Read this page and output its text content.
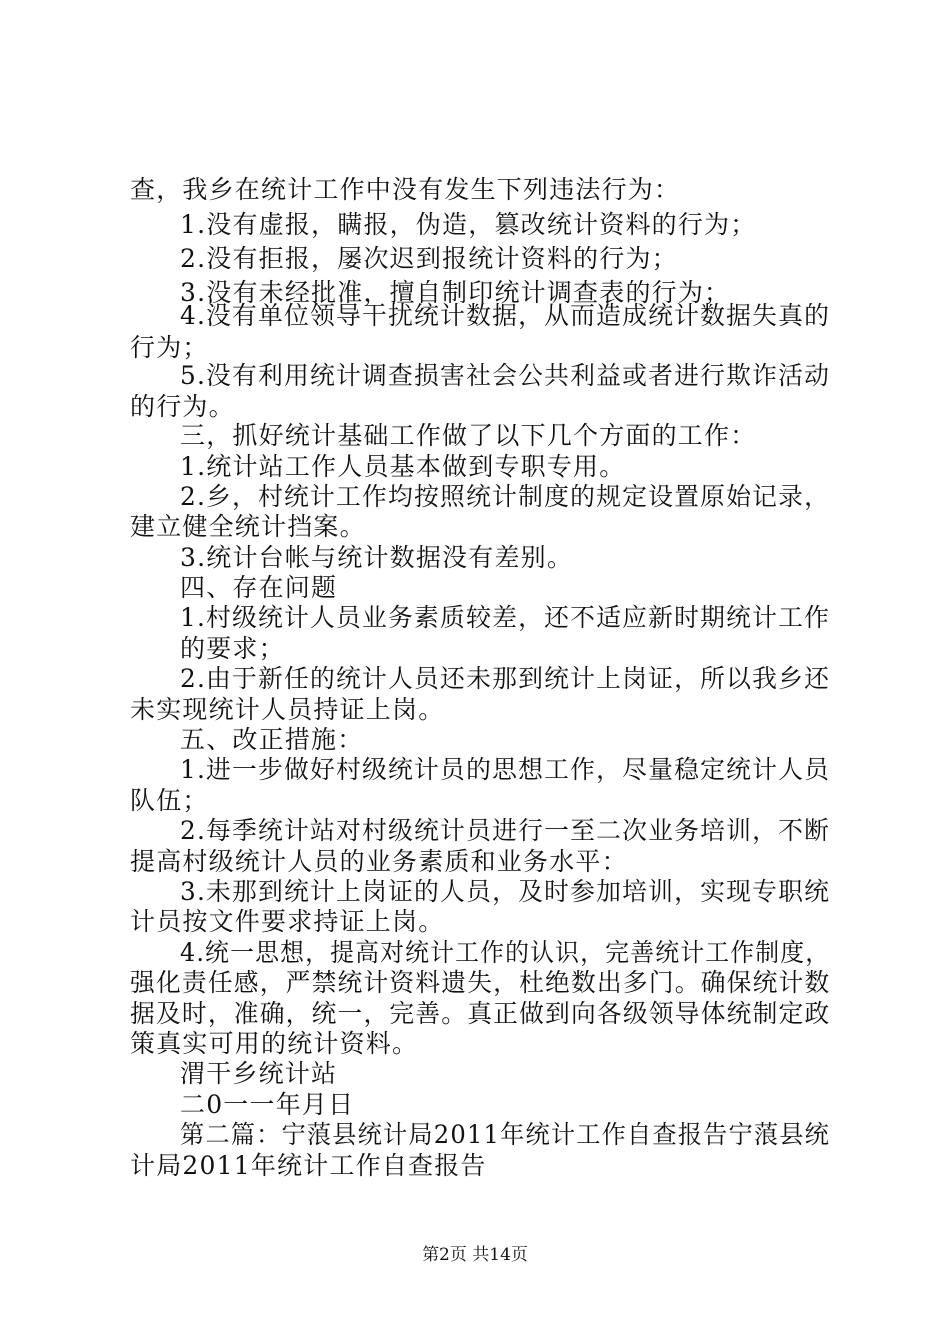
查，我乡在统计工作中没有发生下列违法行为：

1.没有虚报，瞒报，伪造，篡改统计资料的行为；

2.没有拒报，屡次迟到报统计资料的行为；

3.没有未经批准，擅自制印统计调查表的行为；

4.没有单位领导干扰统计数据，从而造成统计数据失真的

行为；

5.没有利用统计调查损害社会公共利益或者进行欺诈活动

的行为。

三，抓好统计基础工作做了以下几个方面的工作：

1.统计站工作人员基本做到专职专用。

2.乡，村统计工作均按照统计制度的规定设置原始记录，

建立健全统计挡案。

3.统计台帐与统计数据没有差别。

四、存在问题

1.村级统计人员业务素质较差，还不适应新时期统计工作

的要求；

2.由于新任的统计人员还未那到统计上岗证，所以我乡还

未实现统计人员持证上岗。

五、改正措施：

1.进一步做好村级统计员的思想工作，尽量稳定统计人员

队伍；

2.每季统计站对村级统计员进行一至二次业务培训，不断

提高村级统计人员的业务素质和业务水平：

3.未那到统计上岗证的人员，及时参加培训，实现专职统

计员按文件要求持证上岗。

4.统一思想，提高对统计工作的认识，完善统计工作制度，

强化责任感，严禁统计资料遗失，杜绝数出多门。确保统计数

据及时，准确，统一，完善。真正做到向各级领导体统制定政

策真实可用的统计资料。

渭干乡统计站

二0一一年月日

第二篇：宁蒗县统计局2011年统计工作自查报告宁蒗县统

计局2011年统计工作自查报告

第2页 共14页
